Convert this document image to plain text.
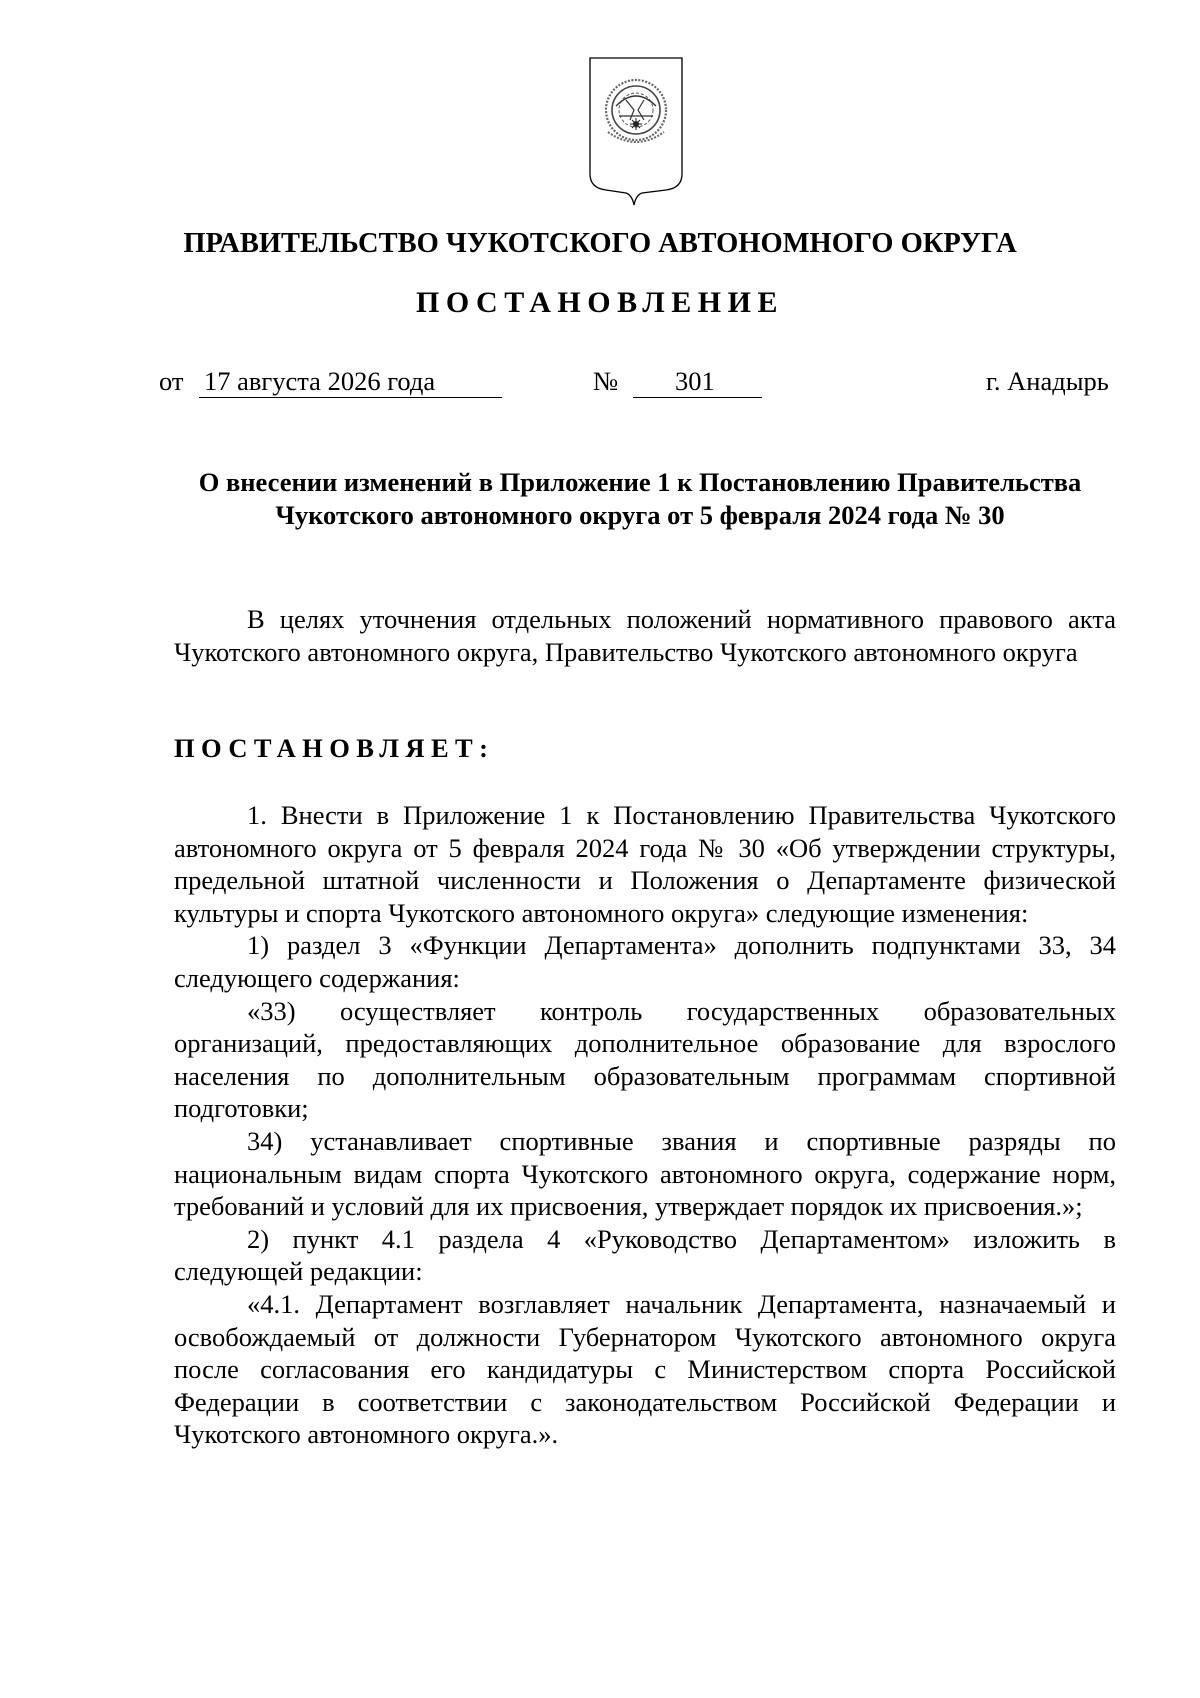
ПРАВИТЕЛЬСТВО ЧУКОТСКОГО АВТОНОМНОГО ОКРУГА
ПОСТАНОВЛЕНИЕ
от 17 августа 2026 года	№ 301	г. Анадырь
О внесении изменений в Приложение 1 к Постановлению Правительства
Чукотского автономного округа от 5 февраля 2024 года № 30

В целях уточнения отдельных положений нормативного правового акта Чукотского автономного округа, Правительство Чукотского автономного округа

ПОСТАНОВЛЯЕТ:

1. Внести в Приложение 1 к Постановлению Правительства Чукотского автономного округа от 5 февраля 2024 года № 30 «Об утверждении структуры, предельной штатной численности и Положения о Департаменте физической культуры и спорта Чукотского автономного округа» следующие изменения:

1) раздел 3 «Функции Департамента» дополнить подпунктами 33, 34 следующего содержания:

«33) осуществляет контроль государственных образовательных организаций, предоставляющих дополнительное образование для взрослого населения по дополнительным образовательным программам спортивной подготовки;

34) устанавливает спортивные звания и спортивные разряды по национальным видам спорта Чукотского автономного округа, содержание норм, требований и условий для их присвоения, утверждает порядок их присвоения.»;

2) пункт 4.1 раздела 4 «Руководство Департаментом» изложить в следующей редакции:

«4.1. Департамент возглавляет начальник Департамента, назначаемый и освобождаемый от должности Губернатором Чукотского автономного округа после согласования его кандидатуры с Министерством спорта Российской Федерации в соответствии с законодательством Российской Федерации и Чукотского автономного округа.».
